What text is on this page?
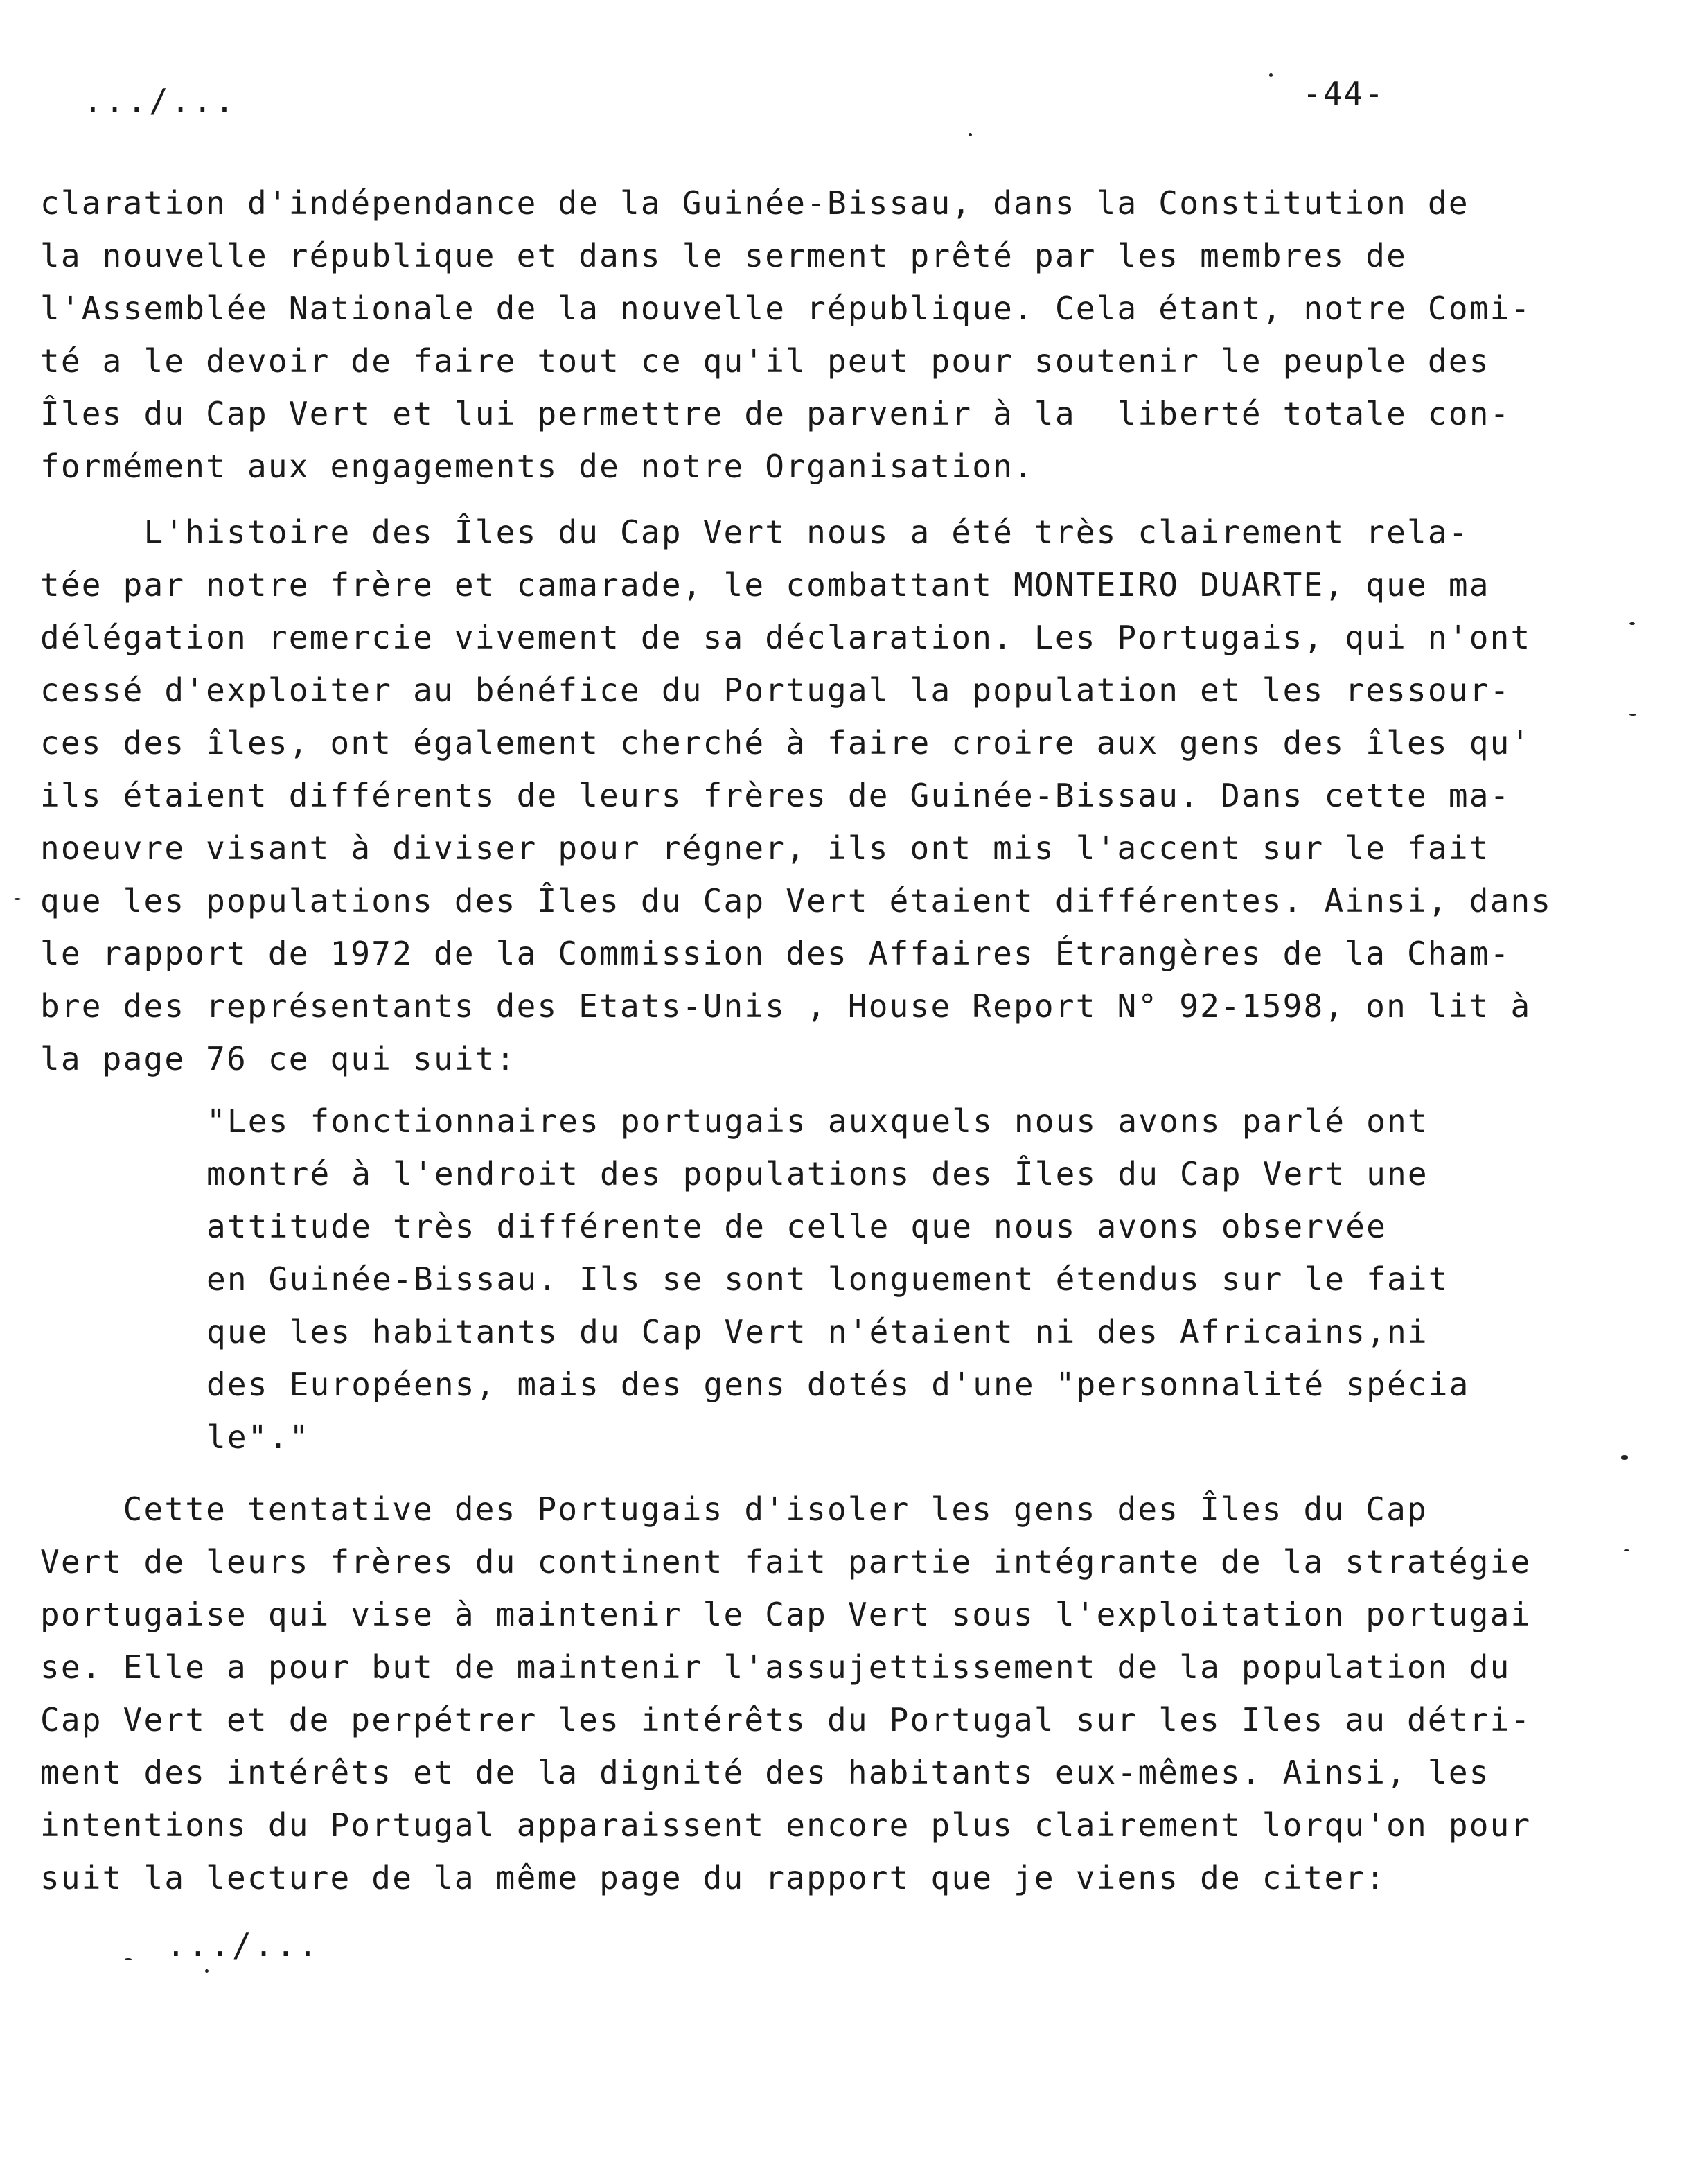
.../...	-44-
claration d'indépendance de la Guinée-Bissau, dans la Constitution de
la nouvelle république et dans le serment prêté par les membres de
l'Assemblée Nationale de la nouvelle république. Cela étant, notre Comi-
té a le devoir de faire tout ce qu'il peut pour soutenir le peuple des
Îles du Cap Vert et lui permettre de parvenir à la  liberté totale con-
formément aux engagements de notre Organisation.
L'histoire des Îles du Cap Vert nous a été très clairement rela-
tée par notre frère et camarade, le combattant MONTEIRO DUARTE, que ma
délégation remercie vivement de sa déclaration. Les Portugais, qui n'ont
cessé d'exploiter au bénéfice du Portugal la population et les ressour-
ces des îles, ont également cherché à faire croire aux gens des îles qu'
ils étaient différents de leurs frères de Guinée-Bissau. Dans cette ma-
noeuvre visant à diviser pour régner, ils ont mis l'accent sur le fait
que les populations des Îles du Cap Vert étaient différentes. Ainsi, dans
le rapport de 1972 de la Commission des Affaires Étrangères de la Cham-
bre des représentants des Etats-Unis , House Report N° 92-1598, on lit à
la page 76 ce qui suit:
"Les fonctionnaires portugais auxquels nous avons parlé ont
montré à l'endroit des populations des Îles du Cap Vert une
attitude très différente de celle que nous avons observée
en Guinée-Bissau. Ils se sont longuement étendus sur le fait
que les habitants du Cap Vert n'étaient ni des Africains,ni
des Européens, mais des gens dotés d'une "personnalité spécia
le"."
Cette tentative des Portugais d'isoler les gens des Îles du Cap
Vert de leurs frères du continent fait partie intégrante de la stratégie
portugaise qui vise à maintenir le Cap Vert sous l'exploitation portugai
se. Elle a pour but de maintenir l'assujettissement de la population du
Cap Vert et de perpétrer les intérêts du Portugal sur les Iles au détri-
ment des intérêts et de la dignité des habitants eux-mêmes. Ainsi, les
intentions du Portugal apparaissent encore plus clairement lorqu'on pour
suit la lecture de la même page du rapport que je viens de citer:
.../...
